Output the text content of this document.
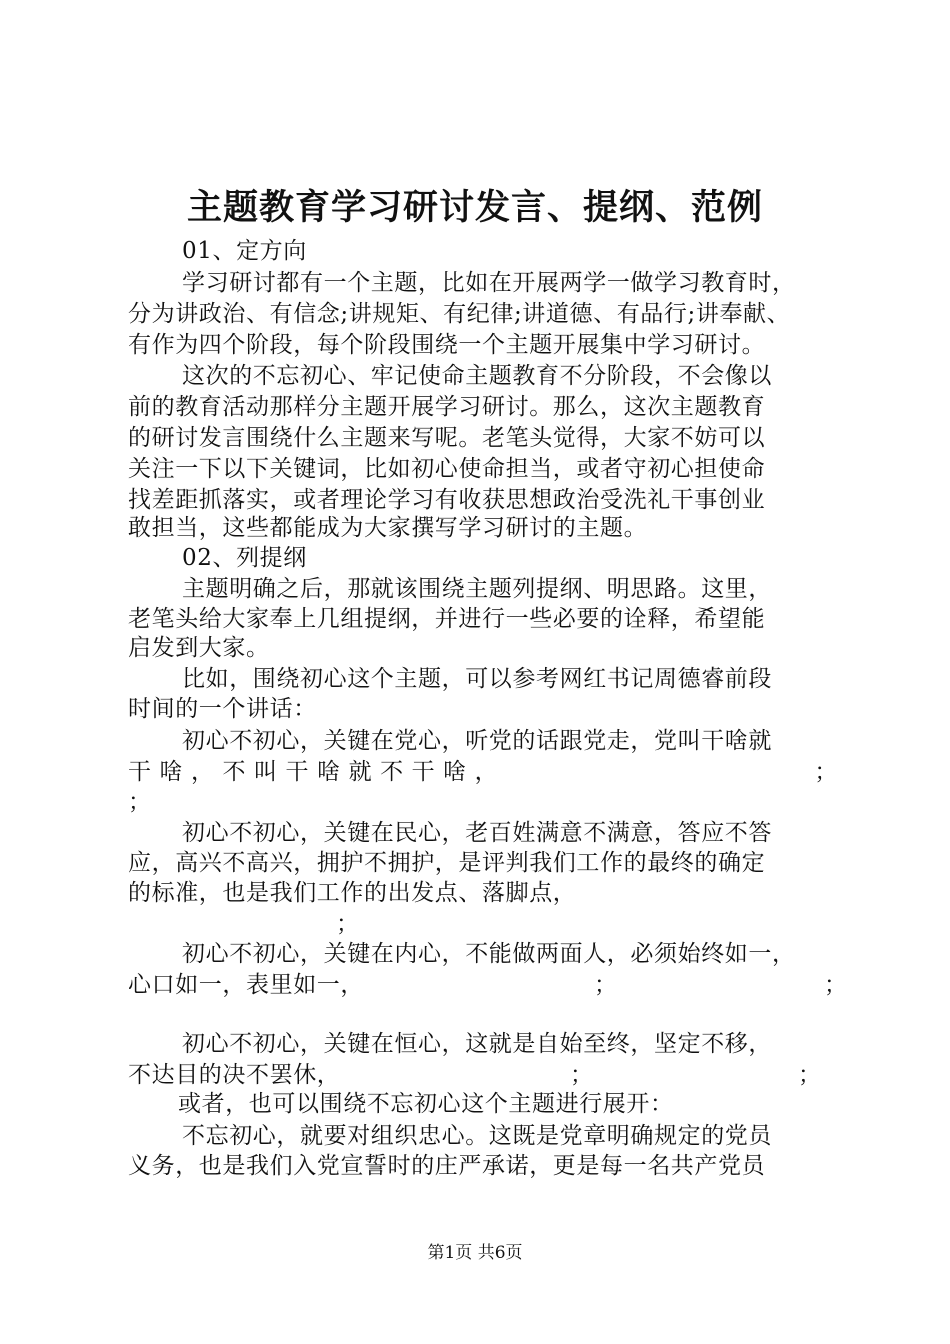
主题教育学习研讨发言、提纲、范例
01、定方向
学习研讨都有一个主题，比如在开展两学一做学习教育时，
分为讲政治、有信念;讲规矩、有纪律;讲道德、有品行;讲奉献、
有作为四个阶段，每个阶段围绕一个主题开展集中学习研讨。
这次的不忘初心、牢记使命主题教育不分阶段，不会像以
前的教育活动那样分主题开展学习研讨。那么，这次主题教育
的研讨发言围绕什么主题来写呢。老笔头觉得，大家不妨可以
关注一下以下关键词，比如初心使命担当，或者守初心担使命
找差距抓落实，或者理论学习有收获思想政治受洗礼干事创业
敢担当，这些都能成为大家撰写学习研讨的主题。
02、列提纲
主题明确之后，那就该围绕主题列提纲、明思路。这里，
老笔头给大家奉上几组提纲，并进行一些必要的诠释，希望能
启发到大家。
比如，围绕初心这个主题，可以参考网红书记周德睿前段
时间的一个讲话：
初心不初心，关键在党心，听党的话跟党走，党叫干啥就
干 啥 ， 不 叫 干 啥 就 不 干 啥 ，	；
；
初心不初心，关键在民心，老百姓满意不满意，答应不答
应，高兴不高兴，拥护不拥护，是评判我们工作的最终的确定
的标准，也是我们工作的出发点、落脚点，
；
初心不初心，关键在内心，不能做两面人，必须始终如一，
心口如一，表里如一，	；	；
初心不初心，关键在恒心，这就是自始至终，坚定不移，
不达目的决不罢休，	；	；
或者，也可以围绕不忘初心这个主题进行展开：
不忘初心，就要对组织忠心。这既是党章明确规定的党员
义务，也是我们入党宣誓时的庄严承诺，更是每一名共产党员
第1页 共6页
